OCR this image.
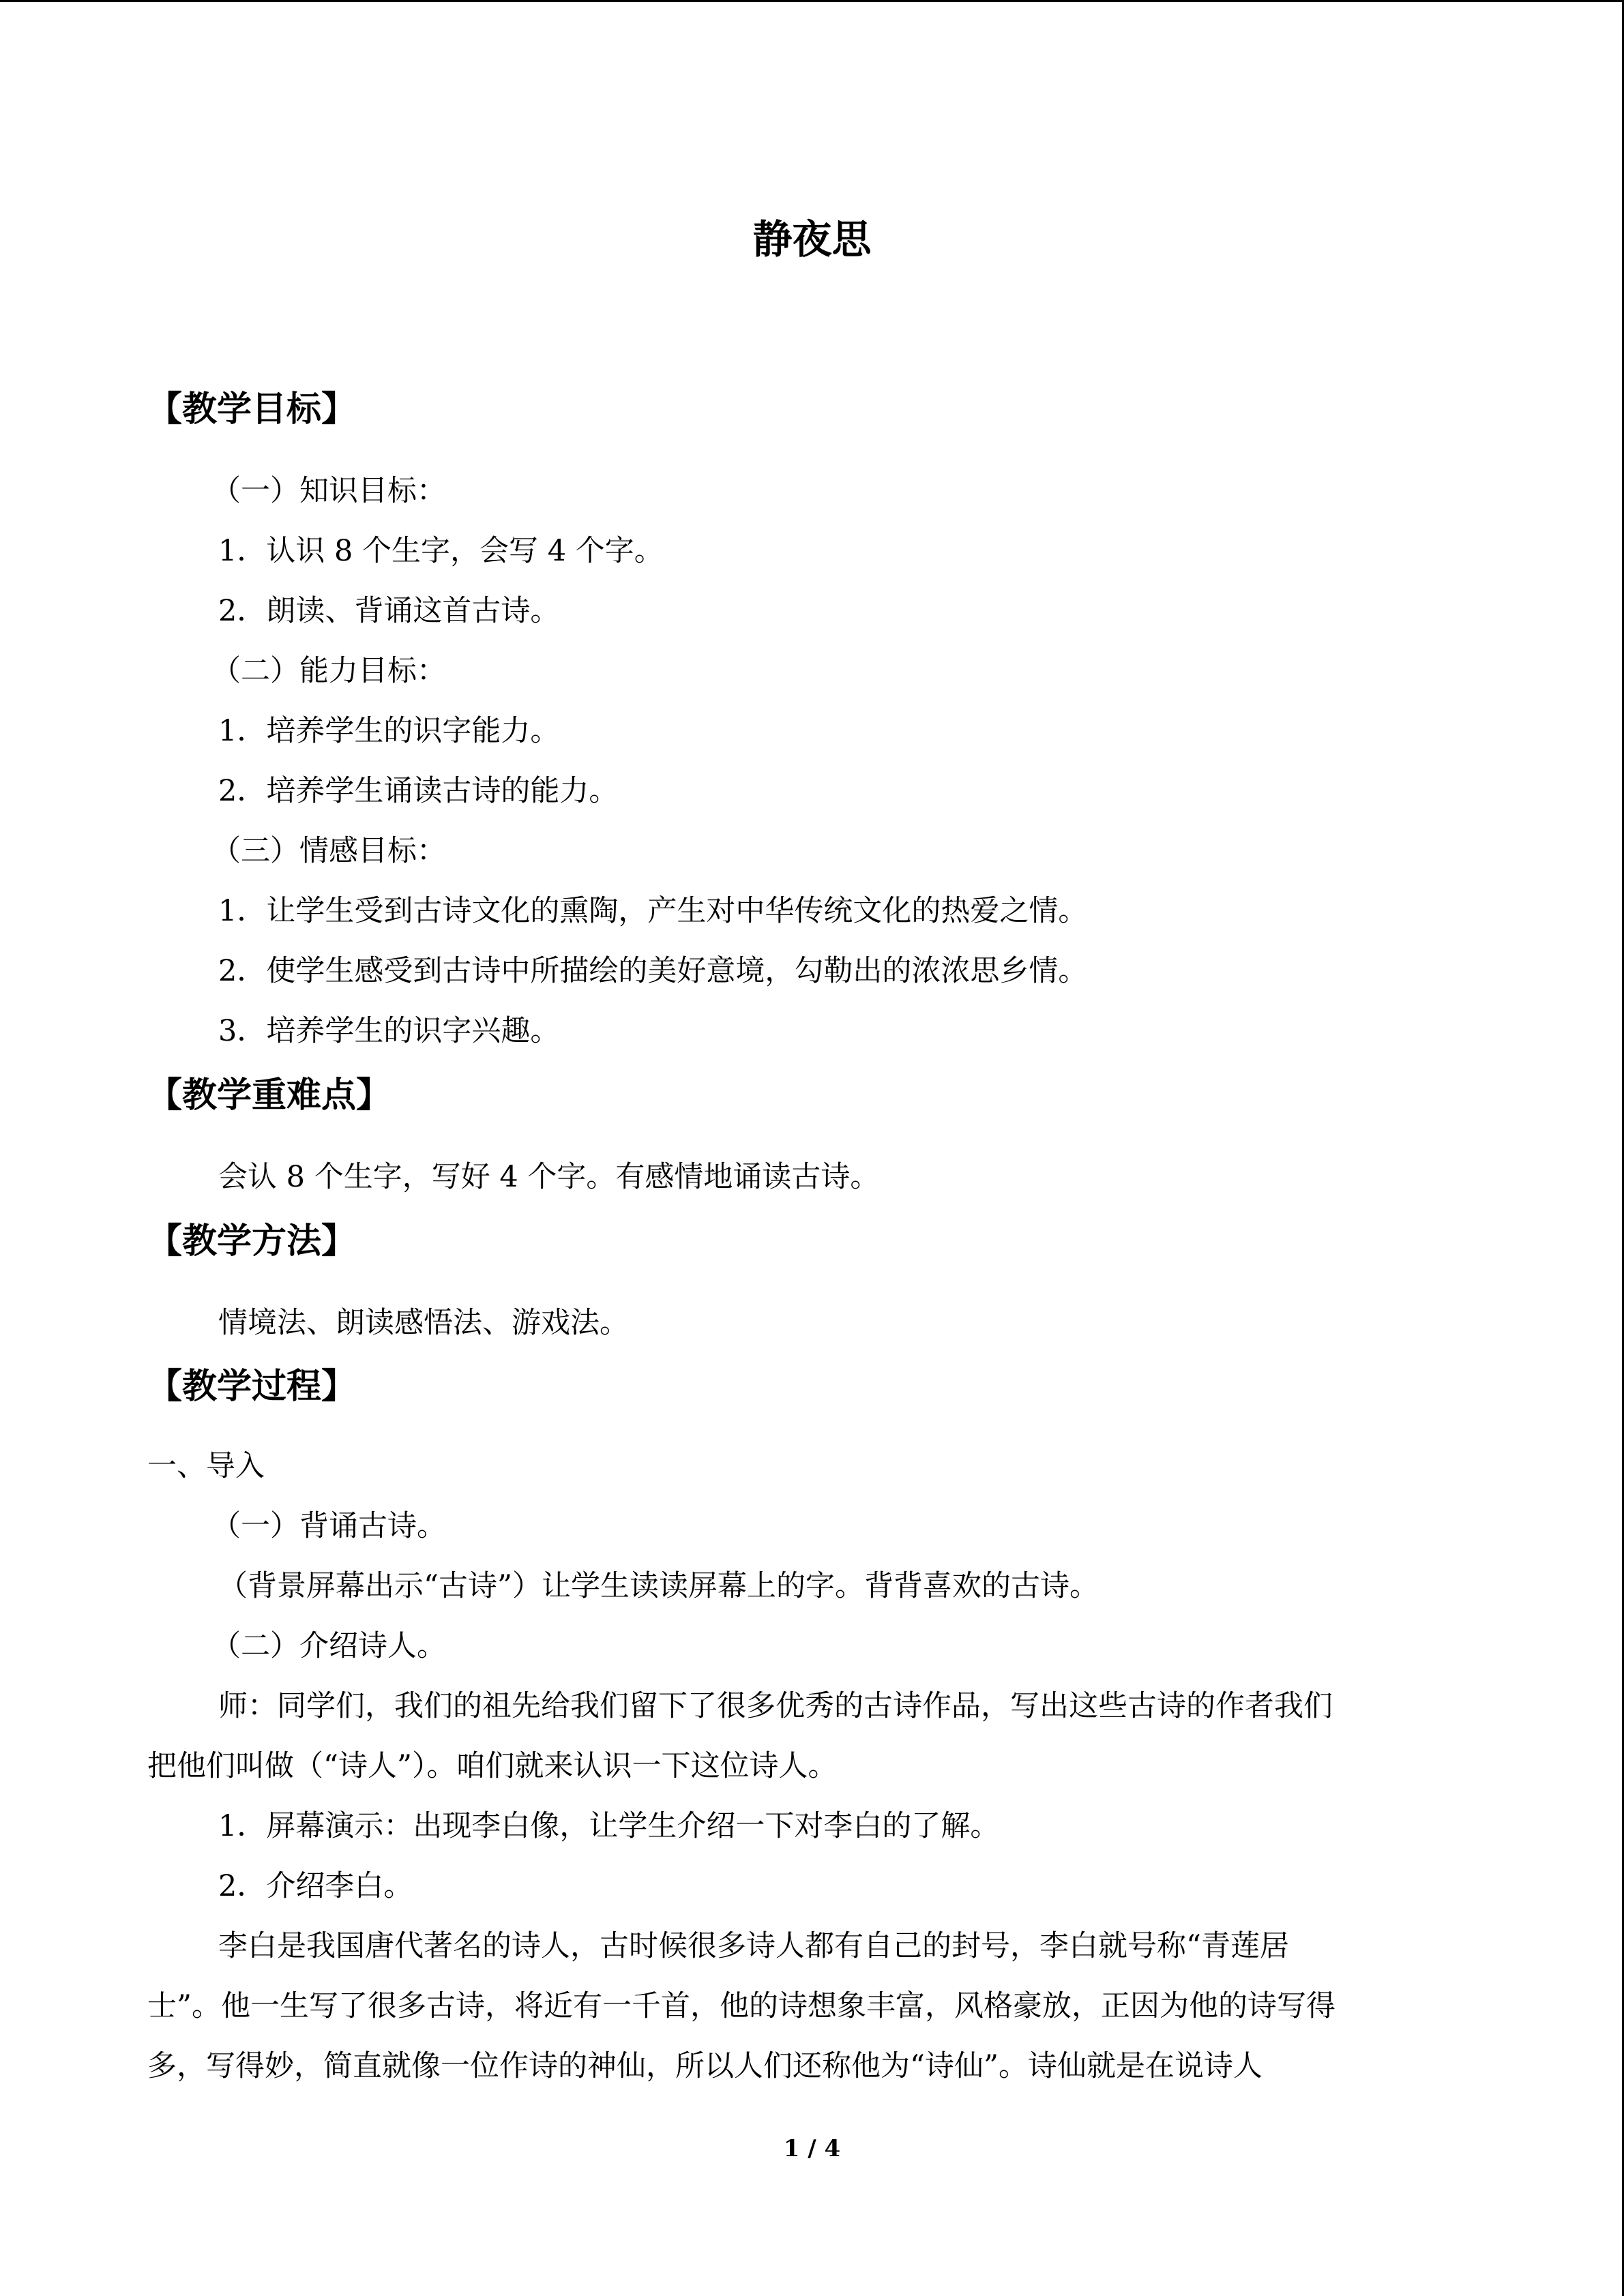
静夜思
【教学目标】
（一）知识目标：
1．认识 8 个生字，会写 4 个字。
2．朗读、背诵这首古诗。
（二）能力目标：
1．培养学生的识字能力。
2．培养学生诵读古诗的能力。
（三）情感目标：
1．让学生受到古诗文化的熏陶，产生对中华传统文化的热爱之情。
2．使学生感受到古诗中所描绘的美好意境，勾勒出的浓浓思乡情。
3．培养学生的识字兴趣。
【教学重难点】
会认 8 个生字，写好 4 个字。有感情地诵读古诗。
【教学方法】
情境法、朗读感悟法、游戏法。
【教学过程】
一、导入
（一）背诵古诗。
（背景屏幕出示“古诗”）让学生读读屏幕上的字。背背喜欢的古诗。
（二）介绍诗人。
师：同学们，我们的祖先给我们留下了很多优秀的古诗作品，写出这些古诗的作者我们
把他们叫做（“诗人”）。咱们就来认识一下这位诗人。
1．屏幕演示：出现李白像，让学生介绍一下对李白的了解。
2．介绍李白。
李白是我国唐代著名的诗人，古时候很多诗人都有自己的封号，李白就号称“青莲居
士”。他一生写了很多古诗，将近有一千首，他的诗想象丰富，风格豪放，正因为他的诗写得
多，写得妙，简直就像一位作诗的神仙，所以人们还称他为“诗仙”。诗仙就是在说诗人
1 / 4
